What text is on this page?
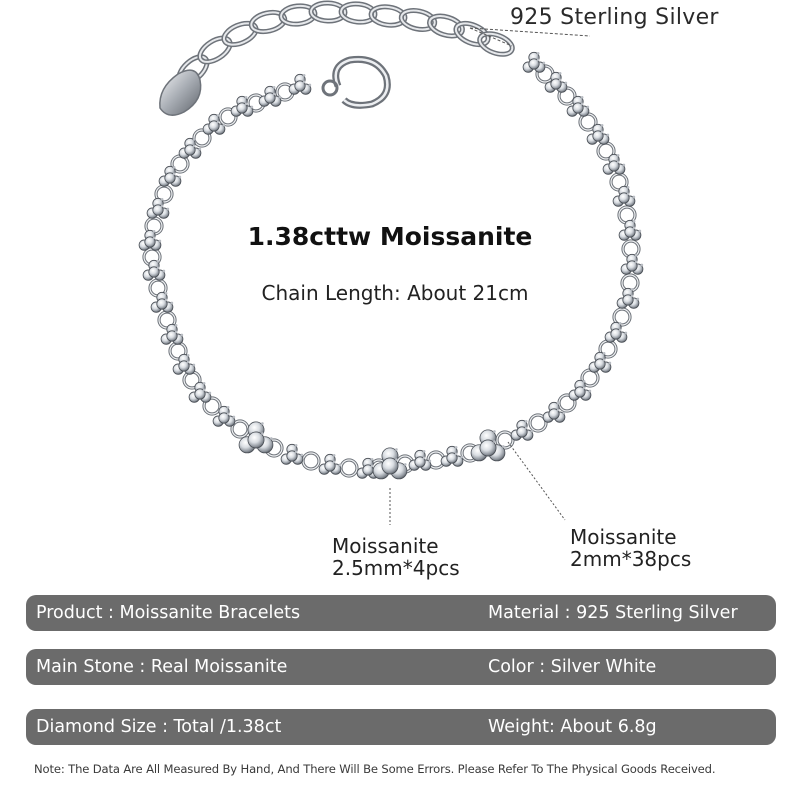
925 Sterling Silver
1.38cttw Moissanite
Chain Length: About 21cm
Moissanite
2.5mm*4pcs
Moissanite
2mm*38pcs
Product : Moissanite Bracelets	Material : 925 Sterling Silver
Main Stone : Real Moissanite	Color : Silver White
Diamond Size : Total /1.38ct	Weight: About 6.8g
Note: The Data Are All Measured By Hand, And There Will Be Some Errors. Please Refer To The Physical Goods Received.
